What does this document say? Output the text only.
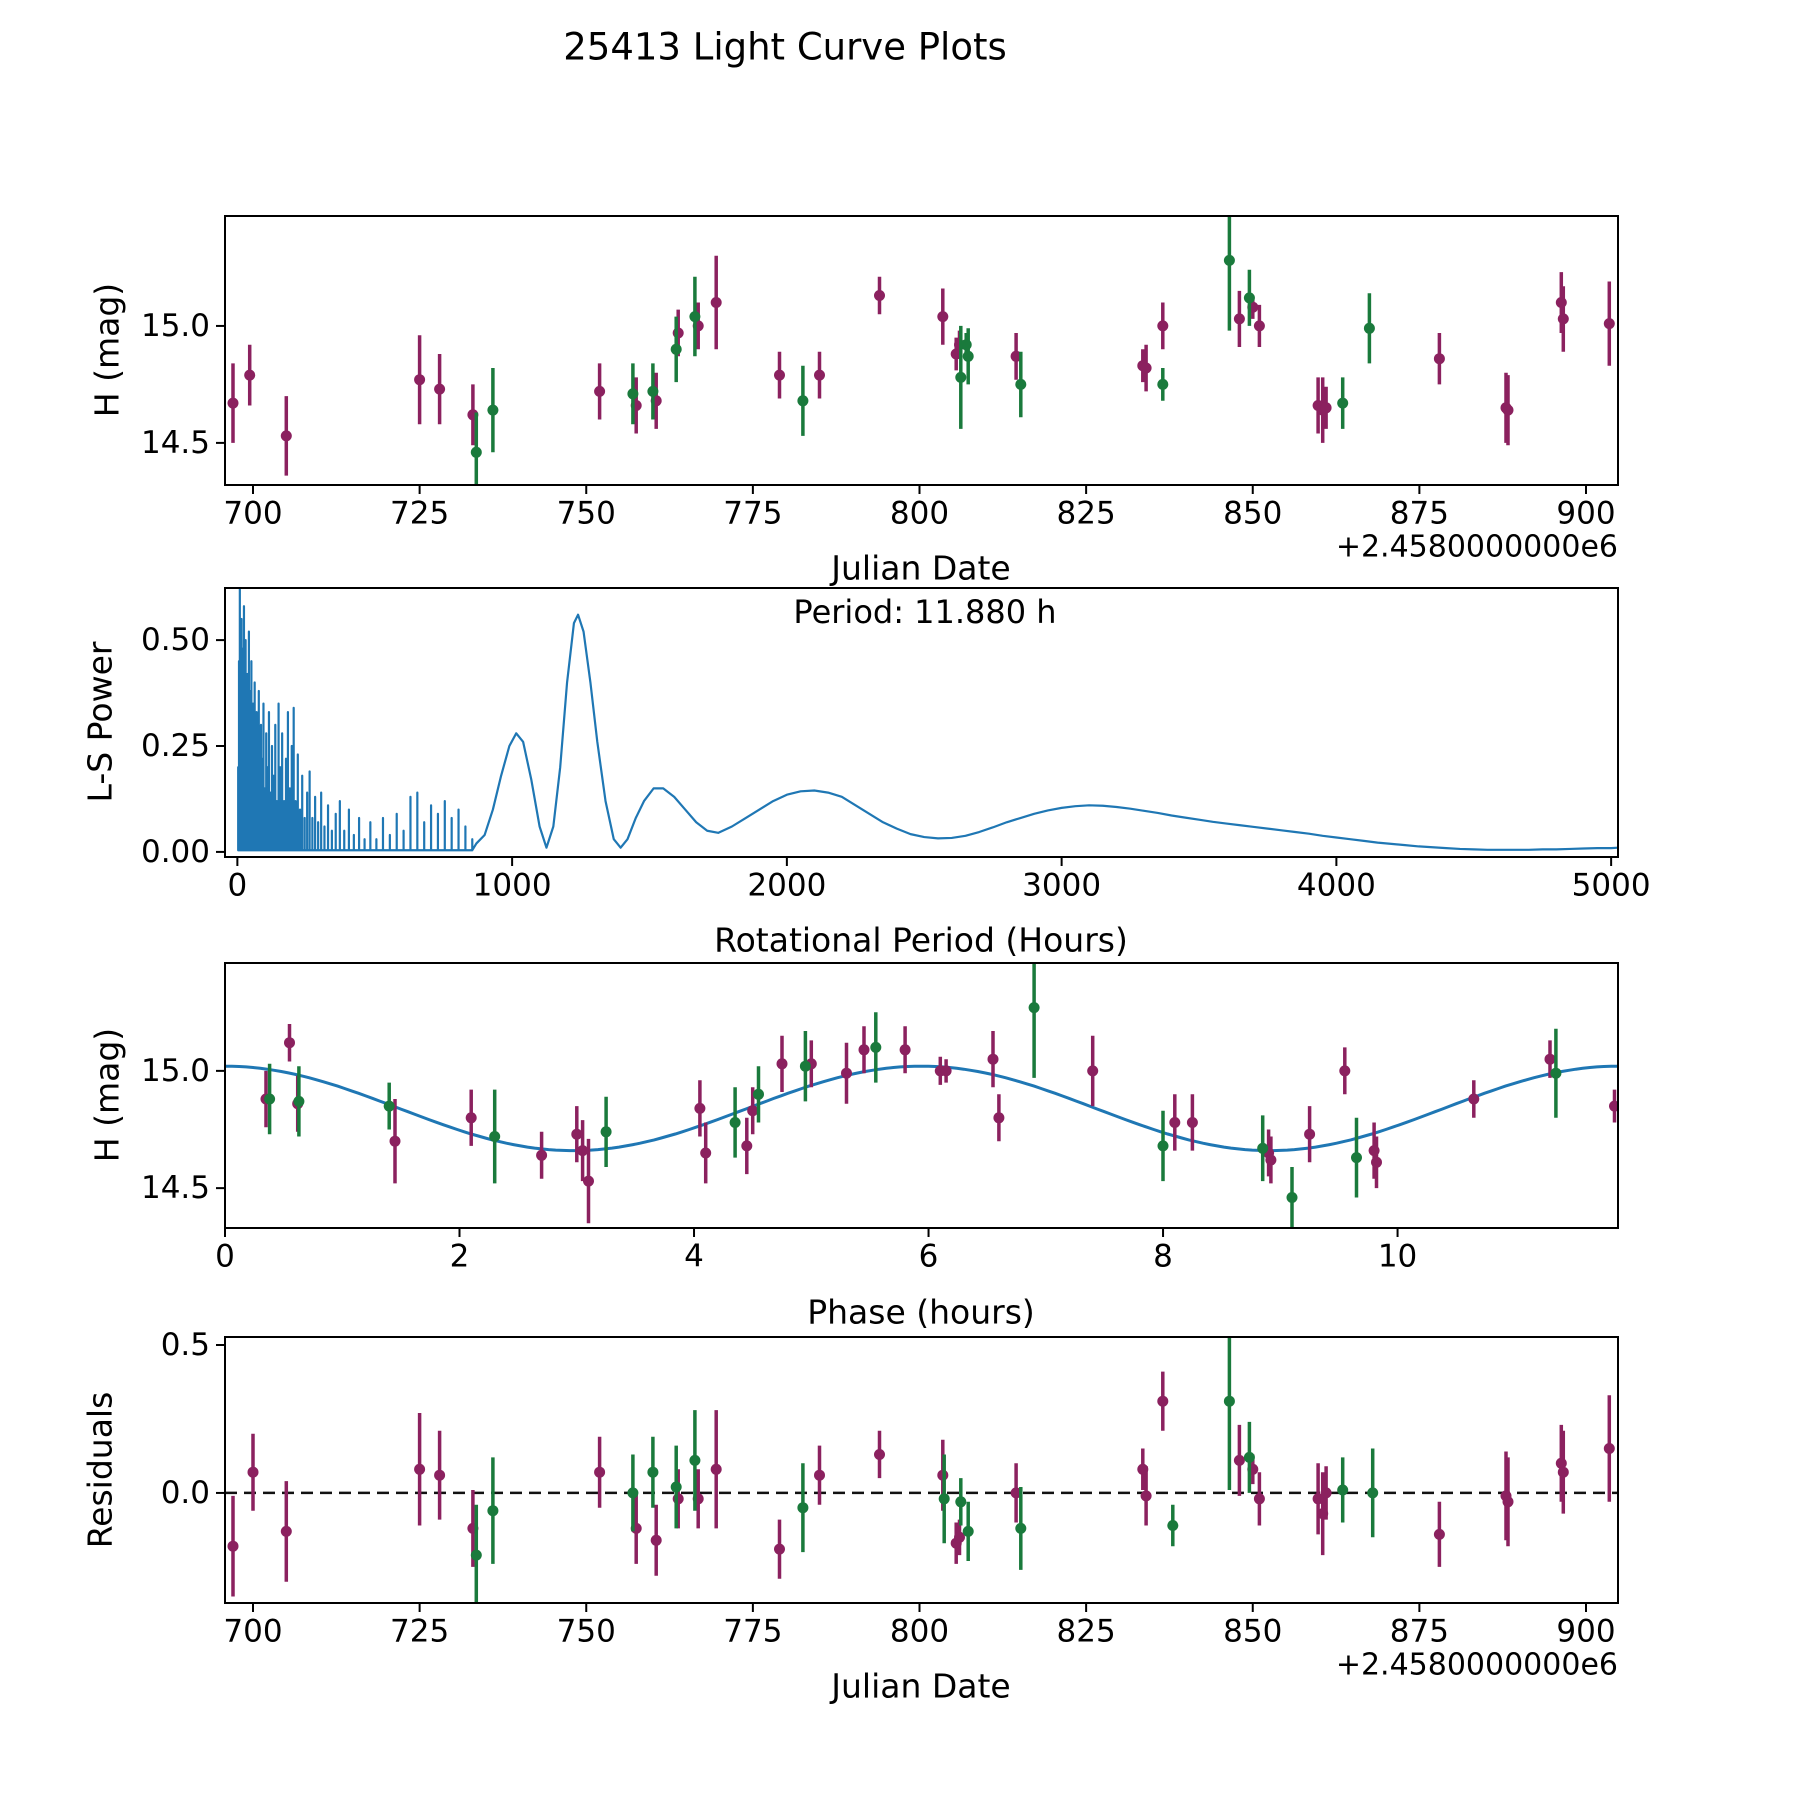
700	725	750	775	800	825	850	875	900
14.5
15.0
0	1000	2000	3000	4000	5000
0.00
0.25
0.50
0	2	4	6	8	10
14.5
15.0
700	725	750	775	800	825	850	875	900
0.0
0.5
25413 Light Curve Plots
H (mag)
Julian Date
+2.4580000000e6
L-S Power
Period: 11.880 h
Rotational Period (Hours)
H (mag)
Phase (hours)
Residuals
Julian Date
+2.4580000000e6
